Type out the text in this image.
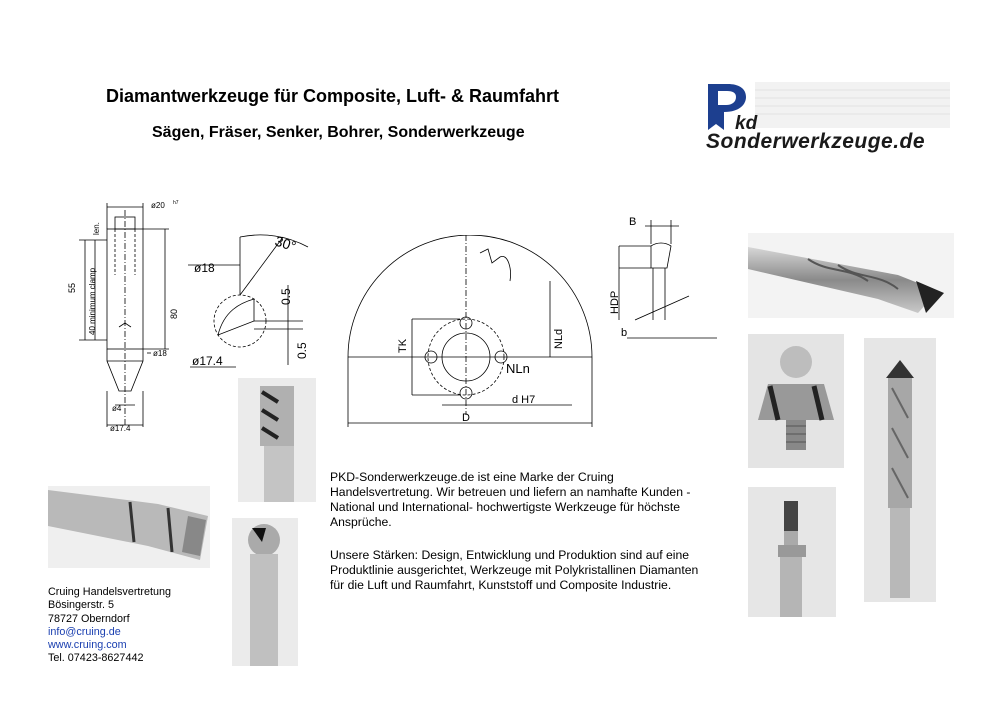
Diamantwerkzeuge für Composite, Luft- & Raumfahrt
Sägen, Fräser, Senker, Bohrer, Sonderwerkzeuge	kd
Sonderwerkzeuge.de
ø20 h7
len.
40 minimum clamp
55
80
ø18
ø4
ø17.4
30°
ø18
0.5
0.5
ø17.4
TK	NLd
NLn
d H7
D
B
HDP
b
PKD-Sonderwerkzeuge.de ist eine Marke der Cruing Handelsvertretung. Wir betreuen und liefern an namhafte Kunden - National und International- hochwertigste Werkzeuge für höchste Ansprüche.
Unsere Stärken: Design, Entwicklung und Produktion sind auf eine Produktlinie ausgerichtet, Werkzeuge mit Polykristallinen Diamanten für die Luft und Raumfahrt, Kunststoff und Composite Industrie.
Cruing Handelsvertretung
Bösingerstr. 5
78727 Oberndorf
info@cruing.de
www.cruing.com
Tel. 07423-8627442
